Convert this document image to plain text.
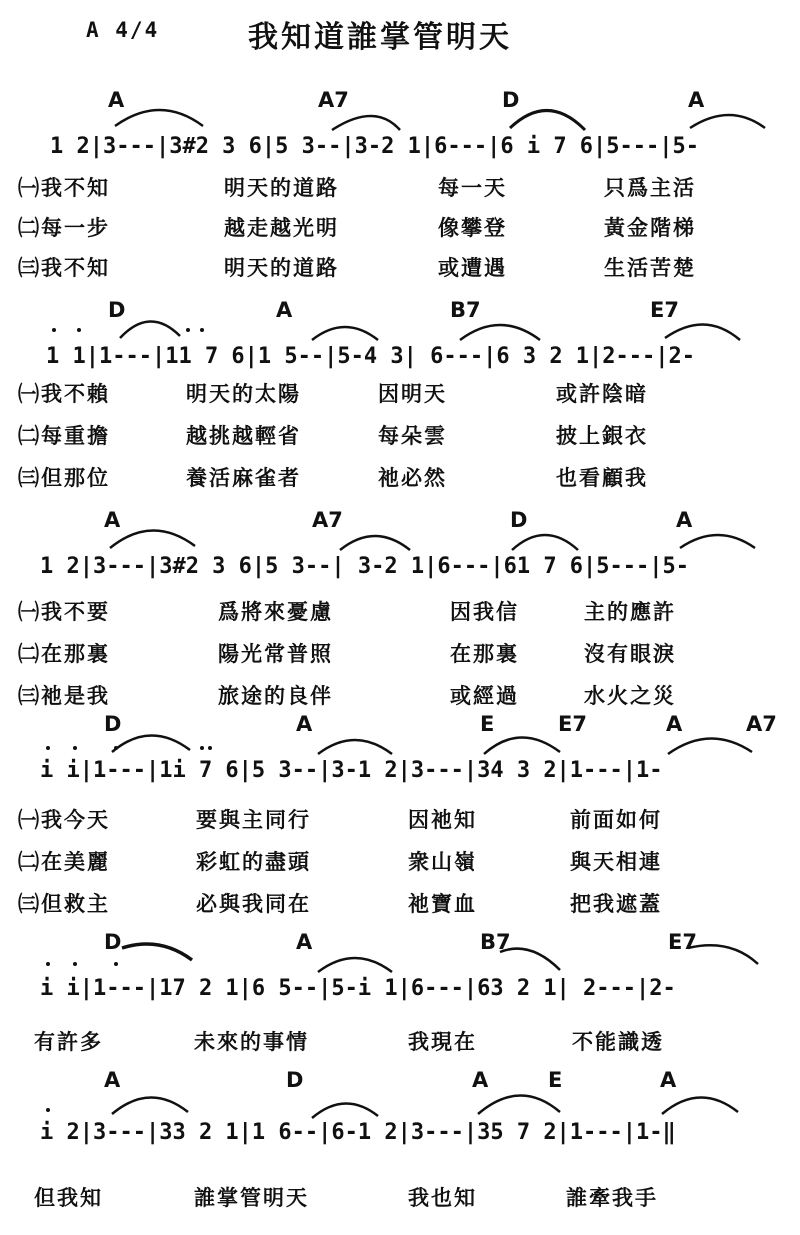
A 4/4	我知道誰掌管明天
A	A7	D	A
1 2|3---|3#2 3 6|5 3--|3-2 1|6---|6 i 7 6|5---|5-
㈠我不知	明天的道路	每一天	只爲主活
㈡每一步	越走越光明	像攀登	黃金階梯
㈢我不知	明天的道路	或遭遇	生活苦楚
D	A	B7	E7
1 1|1---|11 7 6|1 5--|5-4 3| 6---|6 3 2 1|2---|2-
㈠我不賴	明天的太陽	因明天	或許陰暗
㈡每重擔	越挑越輕省	每朵雲	披上銀衣
㈢但那位	養活麻雀者	祂必然	也看顧我
A	A7	D	A
1 2|3---|3#2 3 6|5 3--| 3-2 1|6---|61 7 6|5---|5-
㈠我不要	爲將來憂慮	因我信	主的應許
㈡在那裏	陽光常普照	在那裏	沒有眼淚
㈢祂是我	旅途的良伴	或經過	水火之災
D	A	E	E7	A	A7
i i|1---|1i 7 6|5 3--|3-1 2|3---|34 3 2|1---|1-
㈠我今天	要與主同行	因祂知	前面如何
㈡在美麗	彩虹的盡頭	衆山嶺	與天相連
㈢但救主	必與我同在	祂寶血	把我遮蓋
D	A	B7	E7
i i|1---|17 2 1|6 5--|5-i 1|6---|63 2 1| 2---|2-
有許多	未來的事情	我現在	不能識透
A	D	A	E	A
i 2|3---|33 2 1|1 6--|6-1 2|3---|35 7 2|1---|1-‖
但我知	誰掌管明天	我也知	誰牽我手
